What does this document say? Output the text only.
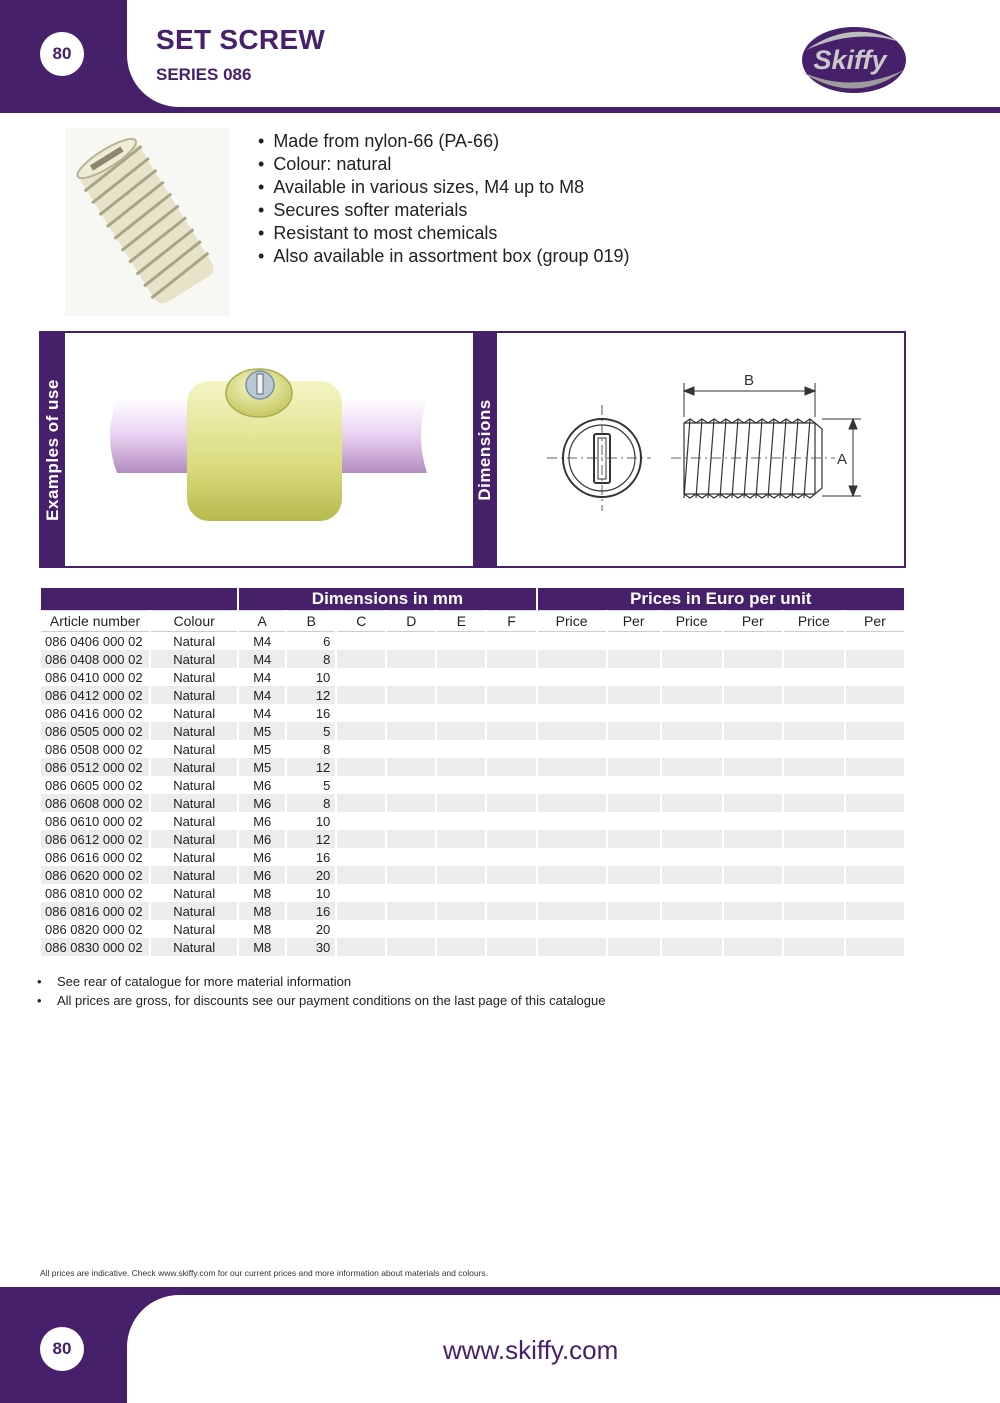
80	SET SCREW
SERIES 086	Skiffy
• Made from nylon-66 (PA-66)
• Colour: natural
• Available in various sizes, M4 up to M8
• Secures softer materials
• Resistant to most chemicals
• Also available in assortment box (group 019)
Examples of use	Dimensions
B
A
		Dimensions in mm						Prices in Euro per unit					
Article number	Colour	A	B	C	D	E	F	Price	Per	Price	Per	Price	Per
086 0406 000 02	Natural	M4	6										
086 0408 000 02	Natural	M4	8										
086 0410 000 02	Natural	M4	10										
086 0412 000 02	Natural	M4	12										
086 0416 000 02	Natural	M4	16										
086 0505 000 02	Natural	M5	5										
086 0508 000 02	Natural	M5	8										
086 0512 000 02	Natural	M5	12										
086 0605 000 02	Natural	M6	5										
086 0608 000 02	Natural	M6	8										
086 0610 000 02	Natural	M6	10										
086 0612 000 02	Natural	M6	12										
086 0616 000 02	Natural	M6	16										
086 0620 000 02	Natural	M6	20										
086 0810 000 02	Natural	M8	10										
086 0816 000 02	Natural	M8	16										
086 0820 000 02	Natural	M8	20										
086 0830 000 02	Natural	M8	30										
• See rear of catalogue for more material information
• All prices are gross, for discounts see our payment conditions on the last page of this catalogue
All prices are indicative. Check www.skiffy.com for our current prices and more information about materials and colours.
80	www.skiffy.com
